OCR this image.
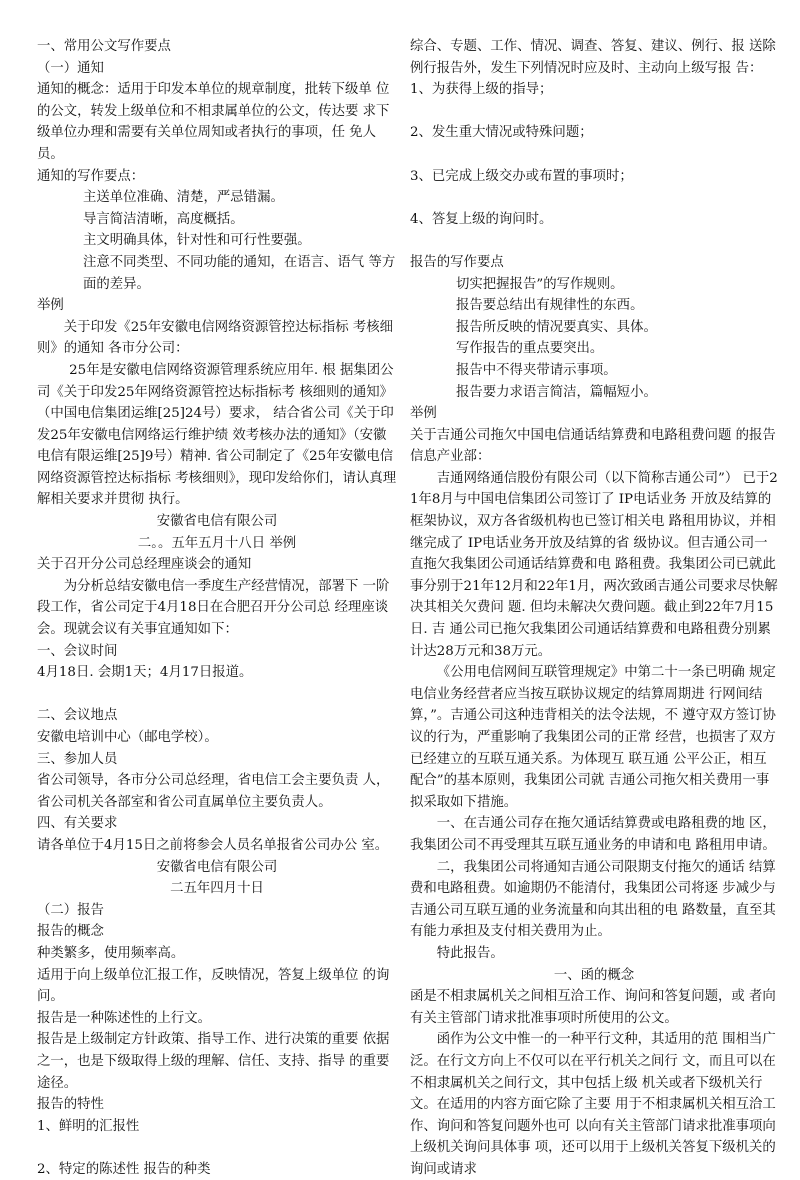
一、常用公文写作要点

（一）通知

通知的概念：适用于印发本单位的规章制度，批转下级单 位的公文，转发上级单位和不相隶属单位的公文，传达要 求下级单位办理和需要有关单位周知或者执行的事项，任 免人员。

通知的写作要点：

主送单位准确、清楚，严忌错漏。

导言简洁清晰，高度概括。

主文明确具体，针对性和可行性要强。

注意不同类型、不同功能的通知，在语言、语气 等方面的差异。

举例

关于印发《25年安徽电信网络资源管控达标指标 考核细则》的通知 各市分公司：

25年是安徽电信网络资源管理系统应用年. 根 据集团公司《关于印发25年网络资源管控达标指标考 核细则的通知》（中国电信集团运维[25]24号）要求， 结合省公司《关于印发25年安徽电信网络运行维护绩 效考核办法的通知》（安徽电信有限运维[25]9号）精神. 省公司制定了《25年安徽电信网络资源管控达标指标 考核细则》，现印发给你们，请认真理解相关要求并贯彻 执行。

安徽省电信有限公司

二。。五年五月十八日 举例

关于召开分公司总经理座谈会的通知

为分析总结安徽电信一季度生产经营情况，部署下 一阶段工作，省公司定于4月18日在合肥召开分公司总 经理座谈会。现就会议有关事宜通知如下：

一、会议时间

4月18日. 会期1天；4月17日报道。

二、会议地点

安徽电培训中心（邮电学校）。

三、参加人员

省公司领导，各市分公司总经理，省电信工会主要负责 人，省公司机关各部室和省公司直属单位主要负责人。

四、有关要求

请各单位于4月15日之前将参会人员名单报省公司办公 室。

安徽省电信有限公司

二五年四月十日

（二）报告

报告的概念

种类繁多，使用频率高。

适用于向上级单位汇报工作，反映情况，答复上级单位 的询问。

报告是一种陈述性的上行文。

报告是上级制定方针政策、指导工作、进行决策的重要 依据之一，也是下级取得上级的理解、信任、支持、指导 的重要途径。

报告的特性

1、鲜明的汇报性

2、特定的陈述性 报告的种类

综合、专题、工作、情况、调查、答复、建议、例行、报 送除例行报告外，发生下列情况时应及时、主动向上级写报 告：

1、为获得上级的指导；

2、发生重大情况或特殊问题；

3、已完成上级交办或布置的事项时；

4、答复上级的询问时。

报告的写作要点

切实把握报告”的写作规则。

报告要总结出有规律性的东西。

报告所反映的情况要真实、具体。

写作报告的重点要突出。

报告中不得夹带请示事项。

报告要力求语言简洁，篇幅短小。

举例

关于吉通公司拖欠中国电信通话结算费和电路租费问题 的报告信息产业部：

吉通网络通信股份有限公司（以下简称吉通公司”） 已于21年8月与中国电信集团公司签订了 IP电话业务 开放及结算的框架协议，双方各省级机构也已签订相关电 路租用协议，并相继完成了 IP电话业务开放及结算的省 级协议。但吉通公司一直拖欠我集团公司通话结算费和电 路租费。我集团公司已就此事分别于21年12月和22年1月，两次致函吉通公司要求尽快解决其相关欠费问 题. 但均未解决欠费问题。截止到22年7月15日. 吉 通公司已拖欠我集团公司通话结算费和电路租费分别累 计达28万元和38万元。

《公用电信网间互联管理规定》中第二十一条已明确 规定电信业务经营者应当按互联协议规定的结算周期进 行网间结算，”。吉通公司这种违背相关的法令法规，不 遵守双方签订协议的行为，严重影响了我集团公司的正常 经营，也损害了双方已经建立的互联互通关系。为体现互 联互通 公平公正，相互配合”的基本原则，我集团公司就 吉通公司拖欠相关费用一事拟采取如下措施。

一、在吉通公司存在拖欠通话结算费或电路租费的地 区，我集团公司不再受理其互联互通业务的申请和电 路租用申请。

二，我集团公司将通知吉通公司限期支付拖欠的通话 结算费和电路租费。如逾期仍不能清付，我集团公司将逐 步减少与吉通公司互联互通的业务流量和向其出租的电 路数量，直至其有能力承担及支付相关费用为止。

特此报告。

一、函的概念

函是不相隶属机关之间相互洽工作、询问和答复问题，或 者向有关主管部门请求批准事项时所使用的公文。

函作为公文中惟一的一种平行文种，其适用的范 围相当广泛。在行文方向上不仅可以在平行机关之间行 文，而且可以在不相隶属机关之间行文，其中包括上级 机关或者下级机关行文。在适用的内容方面它除了主要 用于不相隶属机关相互洽工作、询问和答复问题外也可 以向有关主管部门请求批准事项向上级机关询问具体事 项，还可以用于上级机关答复下级机关的询问或请求
